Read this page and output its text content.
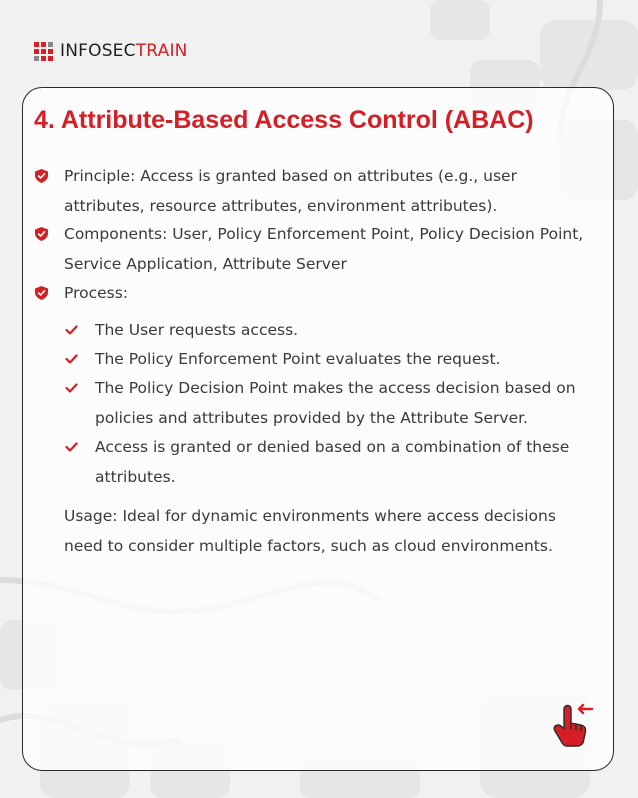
INFOSECTRAIN
4. Attribute-Based Access Control (ABAC)
Principle: Access is granted based on attributes (e.g., user attributes, resource attributes, environment attributes).
Components: User, Policy Enforcement Point, Policy Decision Point, Service Application, Attribute Server
Process:
The User requests access.
The Policy Enforcement Point evaluates the request.
The Policy Decision Point makes the access decision based on policies and attributes provided by the Attribute Server.
Access is granted or denied based on a combination of these attributes.
Usage: Ideal for dynamic environments where access decisions need to consider multiple factors, such as cloud environments.
